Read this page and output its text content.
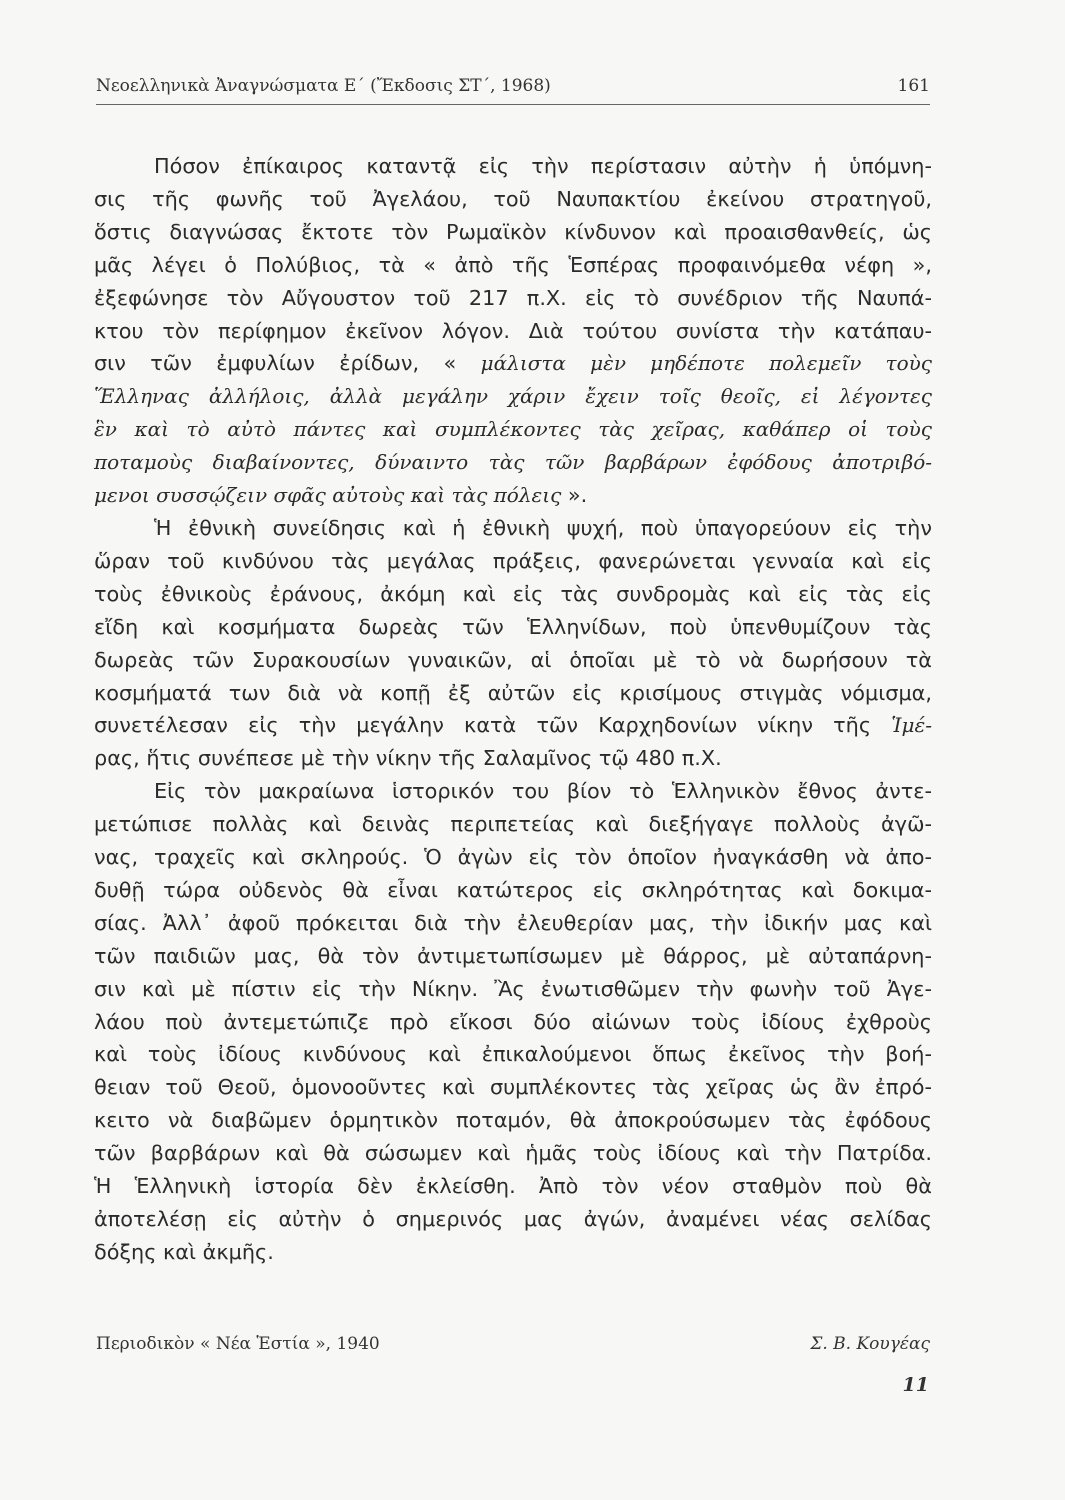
Νεοελληνικὰ Ἀναγνώσματα Ε΄ (Ἔκδοσις ΣΤ΄, 1968)	161
Πόσον ἐπίκαιρος καταντᾷ εἰς τὴν περίστασιν αὐτὴν ἡ ὑπόμνη-
σις τῆς φωνῆς τοῦ Ἀγελάου, τοῦ Ναυπακτίου ἐκείνου στρατηγοῦ,
ὅστις διαγνώσας ἔκτοτε τὸν Ρωμαϊκὸν κίνδυνον καὶ προαισθανθείς, ὡς
μᾶς λέγει ὁ Πολύβιος, τὰ « ἀπὸ τῆς Ἑσπέρας προφαινόμεθα νέφη »,
ἐξεφώνησε τὸν Αὔγουστον τοῦ 217 π.Χ. εἰς τὸ συνέδριον τῆς Ναυπά-
κτου τὸν περίφημον ἐκεῖνον λόγον. Διὰ τούτου συνίστα τὴν κατάπαυ-
σιν τῶν ἐμφυλίων ἐρίδων, « μάλιστα μὲν μηδέποτε πολεμεῖν τοὺς
Ἕλληνας ἀλλήλοις, ἀλλὰ μεγάλην χάριν ἔχειν τοῖς θεοῖς, εἰ λέγοντες
ἓν καὶ τὸ αὐτὸ πάντες καὶ συμπλέκοντες τὰς χεῖρας, καθάπερ οἱ τοὺς
ποταμοὺς διαβαίνοντες, δύναιντο τὰς τῶν βαρβάρων ἐφόδους ἀποτριβό-
μενοι συσσῴζειν σφᾶς αὐτοὺς καὶ τὰς πόλεις ».
Ἡ ἐθνικὴ συνείδησις καὶ ἡ ἐθνικὴ ψυχή, ποὺ ὑπαγορεύουν εἰς τὴν
ὥραν τοῦ κινδύνου τὰς μεγάλας πράξεις, φανερώνεται γενναία καὶ εἰς
τοὺς ἐθνικοὺς ἐράνους, ἀκόμη καὶ εἰς τὰς συνδρομὰς καὶ εἰς τὰς εἰς
εἴδη καὶ κοσμήματα δωρεὰς τῶν Ἑλληνίδων, ποὺ ὑπενθυμίζουν τὰς
δωρεὰς τῶν Συρακουσίων γυναικῶν, αἱ ὁποῖαι μὲ τὸ νὰ δωρήσουν τὰ
κοσμήματά των διὰ νὰ κοπῇ ἐξ αὐτῶν εἰς κρισίμους στιγμὰς νόμισμα,
συνετέλεσαν εἰς τὴν μεγάλην κατὰ τῶν Καρχηδονίων νίκην τῆς Ἱμέ-
ρας, ἥτις συνέπεσε μὲ τὴν νίκην τῆς Σαλαμῖνος τῷ 480 π.Χ.
Εἰς τὸν μακραίωνα ἱστορικόν του βίον τὸ Ἑλληνικὸν ἔθνος ἀντε-
μετώπισε πολλὰς καὶ δεινὰς περιπετείας καὶ διεξήγαγε πολλοὺς ἀγῶ-
νας, τραχεῖς καὶ σκληρούς. Ὁ ἀγὼν εἰς τὸν ὁποῖον ἠναγκάσθη νὰ ἀπο-
δυθῇ τώρα οὐδενὸς θὰ εἶναι κατώτερος εἰς σκληρότητας καὶ δοκιμα-
σίας. Ἀλλ᾽ ἀφοῦ πρόκειται διὰ τὴν ἐλευθερίαν μας, τὴν ἰδικήν μας καὶ
τῶν παιδιῶν μας, θὰ τὸν ἀντιμετωπίσωμεν μὲ θάρρος, μὲ αὐταπάρνη-
σιν καὶ μὲ πίστιν εἰς τὴν Νίκην. Ἂς ἐνωτισθῶμεν τὴν φωνὴν τοῦ Ἀγε-
λάου ποὺ ἀντεμετώπιζε πρὸ εἴκοσι δύο αἰώνων τοὺς ἰδίους ἐχθροὺς
καὶ τοὺς ἰδίους κινδύνους καὶ ἐπικαλούμενοι ὅπως ἐκεῖνος τὴν βοή-
θειαν τοῦ Θεοῦ, ὁμονοοῦντες καὶ συμπλέκοντες τὰς χεῖρας ὡς ἂν ἐπρό-
κειτο νὰ διαβῶμεν ὁρμητικὸν ποταμόν, θὰ ἀποκρούσωμεν τὰς ἐφόδους
τῶν βαρβάρων καὶ θὰ σώσωμεν καὶ ἡμᾶς τοὺς ἰδίους καὶ τὴν Πατρίδα.
Ἡ Ἑλληνικὴ ἱστορία δὲν ἐκλείσθη. Ἀπὸ τὸν νέον σταθμὸν ποὺ θὰ
ἀποτελέσῃ εἰς αὐτὴν ὁ σημερινός μας ἀγών, ἀναμένει νέας σελίδας
δόξης καὶ ἀκμῆς.
Περιοδικὸν « Νέα Ἑστία », 1940	Σ. Β. Κουγέας
11
